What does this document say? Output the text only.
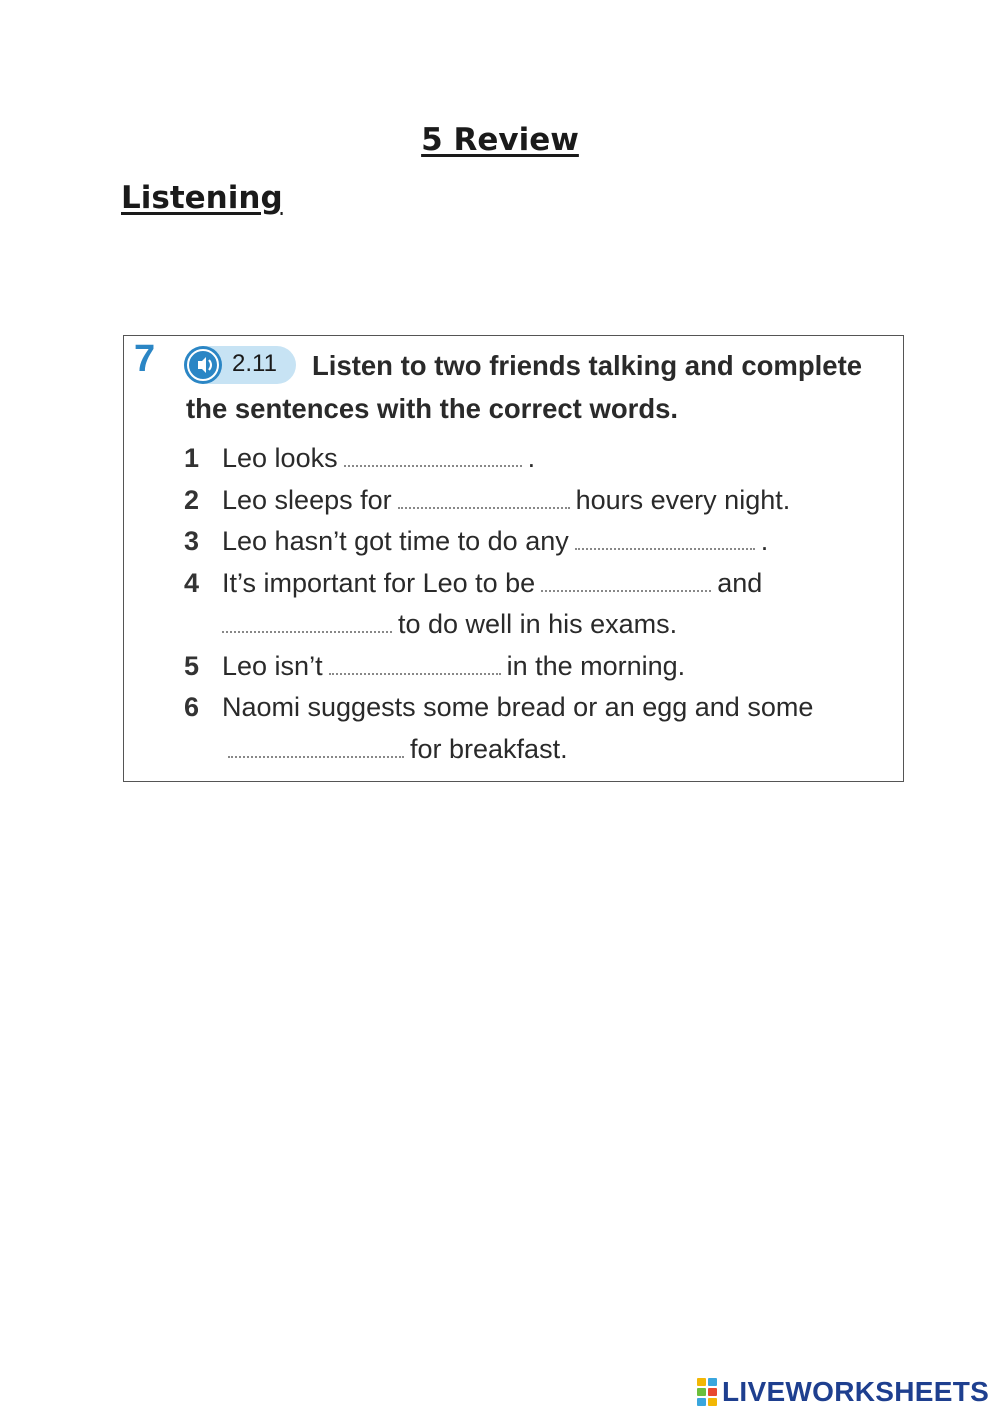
5 Review
Listening
7	2.11	Listen to two friends talking and complete the sentences with the correct words.
1 Leo looks	.
2 Leo sleeps for	hours every night.
3 Leo hasn’t got time to do any	.
4 It’s important for Leo to be	and
to do well in his exams.
5 Leo isn’t	in the morning.
6 Naomi suggests some bread or an egg and somefor breakfast.
LIVEWORKSHEETS
